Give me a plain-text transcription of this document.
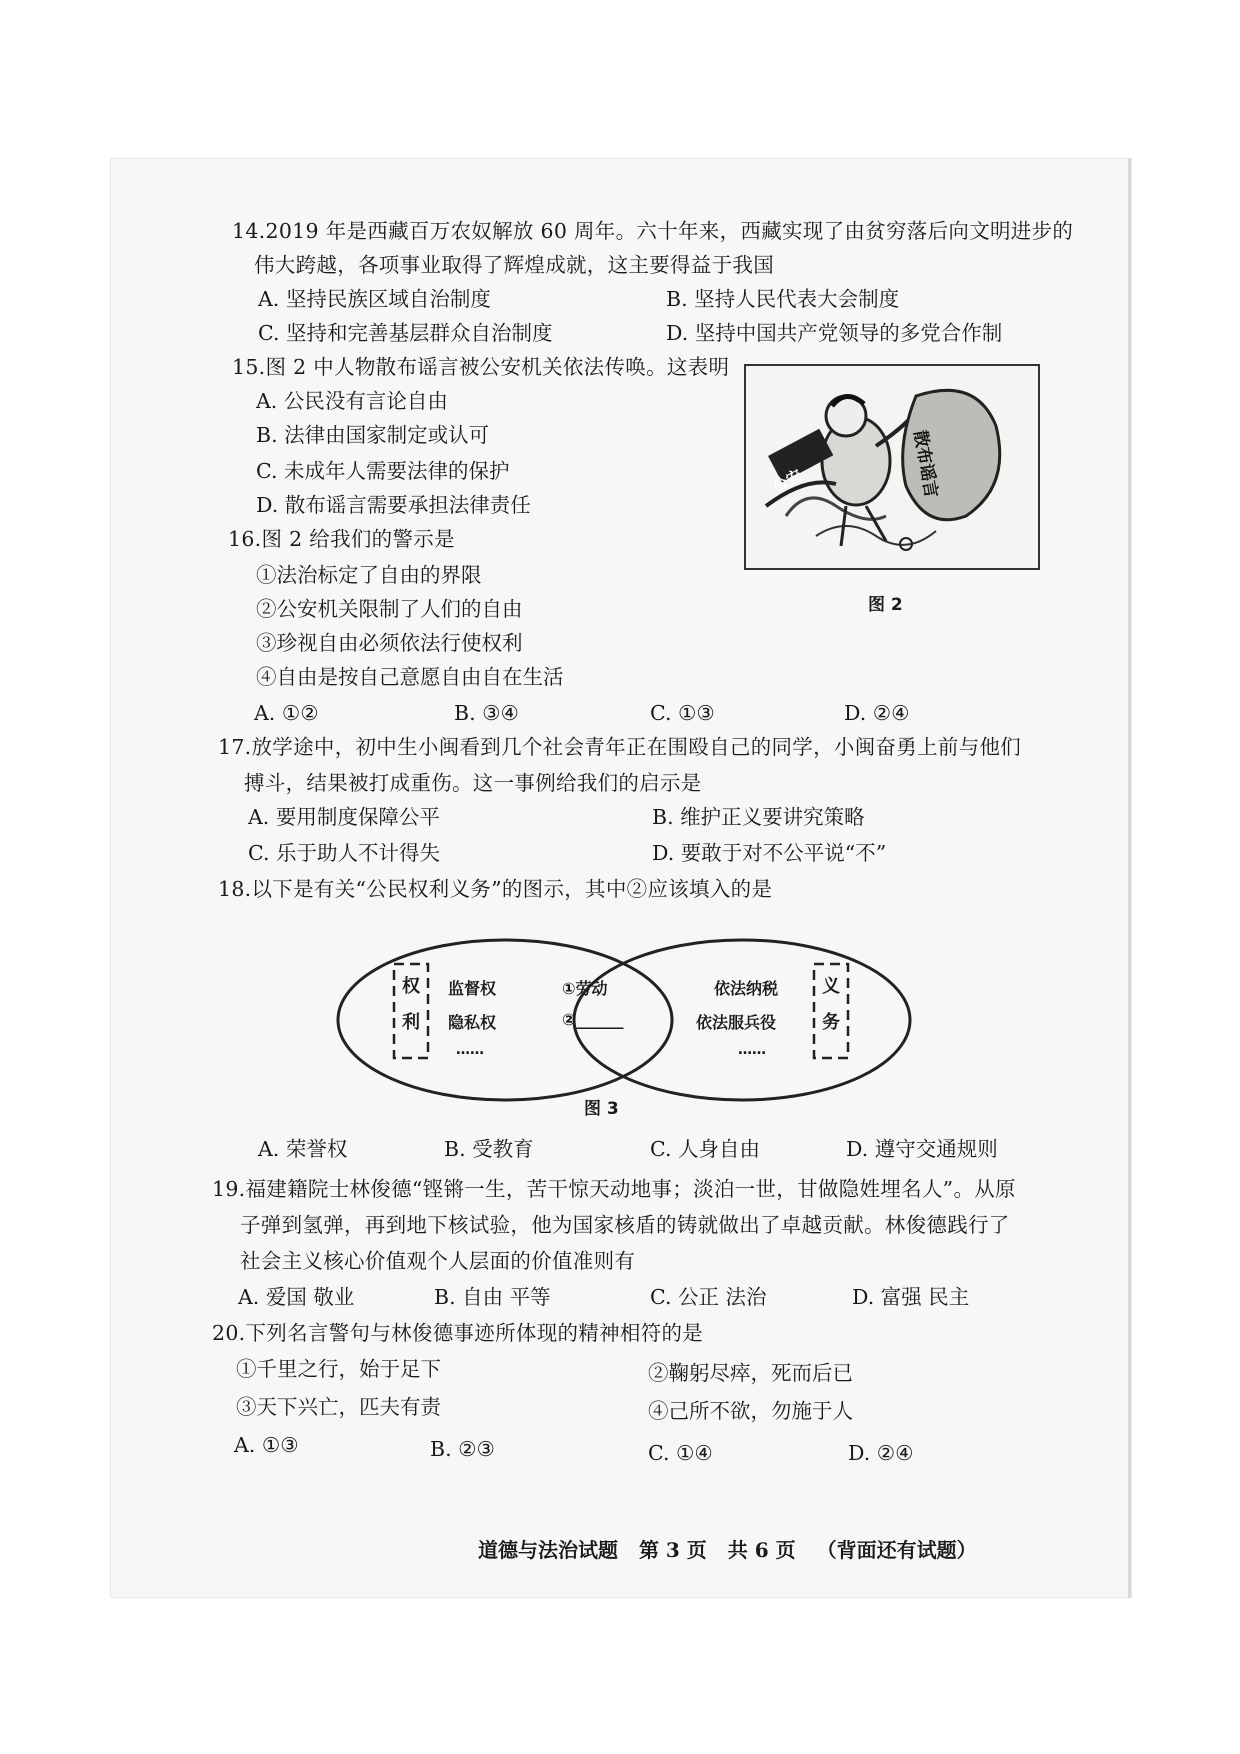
14.2019 年是西藏百万农奴解放 60 周年。六十年来，西藏实现了由贫穷落后向文明进步的
伟大跨越，各项事业取得了辉煌成就，这主要得益于我国
A. 坚持民族区域自治制度	B. 坚持人民代表大会制度
C. 坚持和完善基层群众自治制度	D. 坚持中国共产党领导的多党合作制
15.图 2 中人物散布谣言被公安机关依法传唤。这表明
A. 公民没有言论自由
B. 法律由国家制定或认可
C. 未成年人需要法律的保护
D. 散布谣言需要承担法律责任
公安	散布谣言
图 2
16.图 2 给我们的警示是
①法治标定了自由的界限
②公安机关限制了人们的自由
③珍视自由必须依法行使权利
④自由是按自己意愿自由自在生活
A. ①②	B. ③④	C. ①③	D. ②④
17.放学途中，初中生小闽看到几个社会青年正在围殴自己的同学，小闽奋勇上前与他们
搏斗，结果被打成重伤。这一事例给我们的启示是
A. 要用制度保障公平	B. 维护正义要讲究策略
C. 乐于助人不计得失	D. 要敢于对不公平说“不”
18.以下是有关“公民权利义务”的图示，其中②应该填入的是
权
利
监督权
隐私权
……
①劳动
②______
依法纳税
依法服兵役
……
义
务
图 3
A. 荣誉权	B. 受教育	C. 人身自由	D. 遵守交通规则
19.福建籍院士林俊德“铿锵一生，苦干惊天动地事；淡泊一世，甘做隐姓埋名人”。从原
子弹到氢弹，再到地下核试验，他为国家核盾的铸就做出了卓越贡献。林俊德践行了
社会主义核心价值观个人层面的价值准则有
A. 爱国 敬业	B. 自由 平等	C. 公正 法治	D. 富强 民主
20.下列名言警句与林俊德事迹所体现的精神相符的是
①千里之行，始于足下	②鞠躬尽瘁，死而后已
③天下兴亡，匹夫有责	④己所不欲，勿施于人
A. ①③	B. ②③	C. ①④	D. ②④
道德与法治试题 第 3 页 共 6 页 （背面还有试题）
